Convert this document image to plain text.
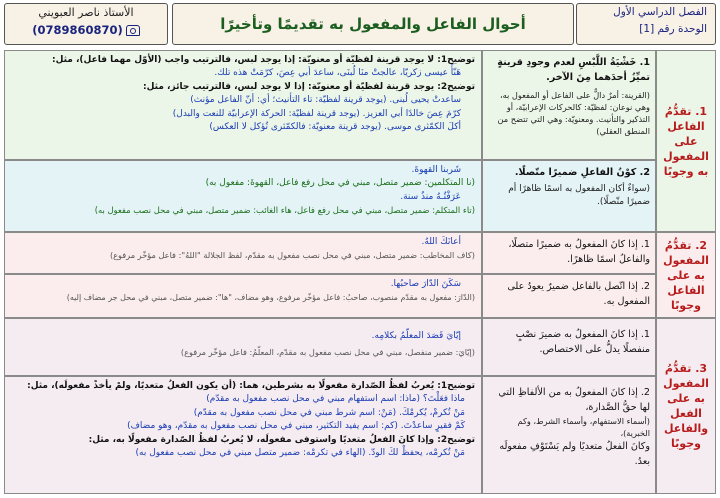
الفصل الدراسي الأول
الوحدة رقم [1]
أحوال الفاعل والمفعول به تقديمًا وتأخيرًا
الأستاذ ناصر العبويني
(0789860870)
1. تقدُّمُ الفاعل على المفعول به وجوبًا
1. خَشْيَةُ اللَّبْسِ لعدم وجودِ قرينةٍ تميِّزُ أحدَهما مِنَ الآخر.
(القرينة: أمرٌ دالٌّ على الفاعل أو المفعول به، وهي نوعان: لفظيّة: كالحركات الإعرابيّة، أو التذكير والتأنيث. ومعنويّة: وهي التي تتضح من المنطق العقلي)
توضيح1: لا يوجد قرينة لفظيّة أو معنويّة: إذا يوجد لبس، فالترتيب واجب (الأوّل مهما فاعل)، مثل:
هَنّأَ عيسى زكريّا، عالجتْ منَا لُبنَى، ساعدَ أبي عِصَ، كرّمَتْ هذه تلك.
توضيح2: يوجد قرينة لفظيّة أو معنويّة: إذا لا يوجد لبس، فالترتيب جائز، مثل:
ساعدتْ يحيى لُبنى. (يوجد قرينة لفظيّة: تاء التأنيث؛ أي: أنّ الفاعل مؤنث)
كرّمَ عِصَ خالدًا أبي العزيز. (يوجد قرينة لفظيّة: الحركة الإعرابيّة للنعت والبدل)
أكلَ الكمّثرى موسى. (يوجد قرينة معنويّة: فالكمّثرى تُؤكل لا العكس)
2. كوْنُ الفاعلِ ضميرًا متّصلًا.
(سواءٌ أكان المفعول به اسمًا ظاهرًا أم ضميرًا متّصلًا).
شَربنا القهوةَ.
(نا المتكلمين: ضمير متصل، مبني في محل رفع فاعل، القهوةَ: مفعول به)
عَرَفْتُـهُ منذُ سنة.
(تاء المتكلم: ضمير متصل، مبني في محل رفع فاعل، هاء الغائب: ضمير متصل، مبني في محل نصب مفعول به)
2. تقدُّمُ المفعول به على الفاعل وجوبًا
1. إذا كانَ المفعولُ به ضميرًا متصلًا، والفاعلُ اسمًا ظاهرًا.
أعانَكَ اللهُ.
(كاف المخاطب: ضمير متصل، مبني في محل نصب مفعول به مقدّم، لفظ الجلالة "اللهُ": فاعل مؤخّر مرفوع)
2. إذا اتّصل بالفاعل ضميرٌ يعودُ على المفعول به.
سَكَنَ الدّارَ صاحبُها.
(الدّارَ: مفعول به مقدّم منصوب، صاحبُ: فاعل مؤخّر مرفوع، وهو مضاف، "ها": ضمير متصل، مبني في محل جر مضاف إليه)
3. تقدُّمُ المفعول به على الفعل والفاعل وجوبًا
1. إذا كانَ المفعولُ به ضميرَ نصْبٍ منفصلًا يدلُّ على الاختصاص.
إيّايَ قَصَدَ المعلّمُ بكلامِه.
(إيّايَ: ضمير منفصل، مبني في محل نصب مفعول به مقدّم، المعلّمُ: فاعل مؤخّر مرفوع)
2. إذا كانَ المفعولُ به من الألفاظِ التي لها حقُّ الصَّدارة،
(أسماء الاستفهام، وأسماء الشرط، وكم الخبرية)،
وكانَ الفعلُ متعديًا ولم يَسْتَوْفِ مفعولَه بعدُ.
توضيح1: يُعربُ لفظُ الصّدارة مفعولًا به بشرطين، هما: (أن يكون الفعلُ متعديًا، ولمْ يأخذْ مفعولَه)، مثل:
ماذا فعَلْتَ؟ (ماذا: اسم استفهام مبني في محل نصب مفعول به مقدّم)
مَنْ تُكرمْ، يُكرمْكَ. (مَنْ: اسم شرط مبني في محل نصب مفعول به مقدّم)
كَمْ فقيرٍ ساعدْتَ. (كم: اسم يفيد التكثير، مبني في محل نصب مفعول به مقدّم، وهو مضاف)
توضيح2: وإذا كانَ الفعلُ متعديًا واستوفى مفعولَه، لا يُعربُ لفظُ الصّدارة مفعولًا به، مثل:
مَنْ تُكرمْه، يحفظْ لكَ الودّ. (الهاء في تكرمْه: ضمير متصل مبني في محل نصب مفعول به)
